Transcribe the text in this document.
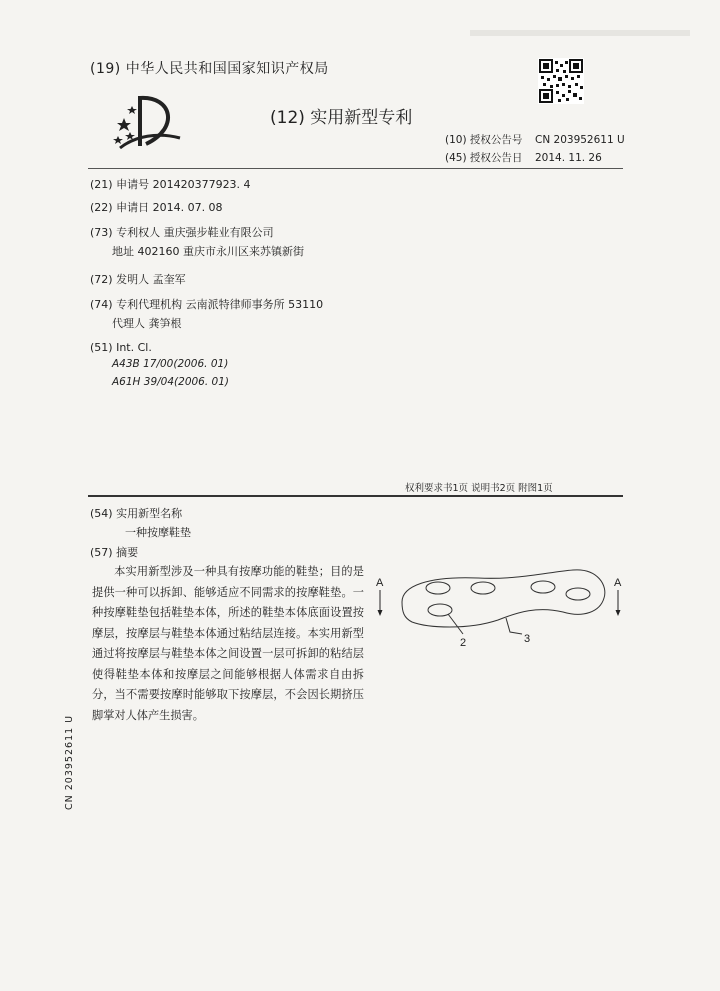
(19) 中华人民共和国国家知识产权局
(12) 实用新型专利
(10) 授权公告号 CN 203952611 U
(45) 授权公告日 2014. 11. 26
(21) 申请号 201420377923. 4
(22) 申请日 2014. 07. 08
(73) 专利权人 重庆强步鞋业有限公司
地址 402160 重庆市永川区来苏镇新街
(72) 发明人 孟奎军
(74) 专利代理机构 云南派特律师事务所 53110
代理人 龚笋根
(51) Int. Cl.
A43B 17/00(2006. 01)
A61H 39/04(2006. 01)
权利要求书1页 说明书2页 附图1页
(54) 实用新型名称
一种按摩鞋垫
(57) 摘要
本实用新型涉及一种具有按摩功能的鞋垫；目的是提供一种可以拆卸、能够适应不同需求的按摩鞋垫。一种按摩鞋垫包括鞋垫本体，所述的鞋垫本体底面设置按摩层，按摩层与鞋垫本体通过粘结层连接。本实用新型通过将按摩层与鞋垫本体之间设置一层可拆卸的粘结层使得鞋垫本体和按摩层之间能够根据人体需求自由拆分，当不需要按摩时能够取下按摩层，不会因长期挤压脚掌对人体产生损害。
A	A
2	3
CN 203952611 U
